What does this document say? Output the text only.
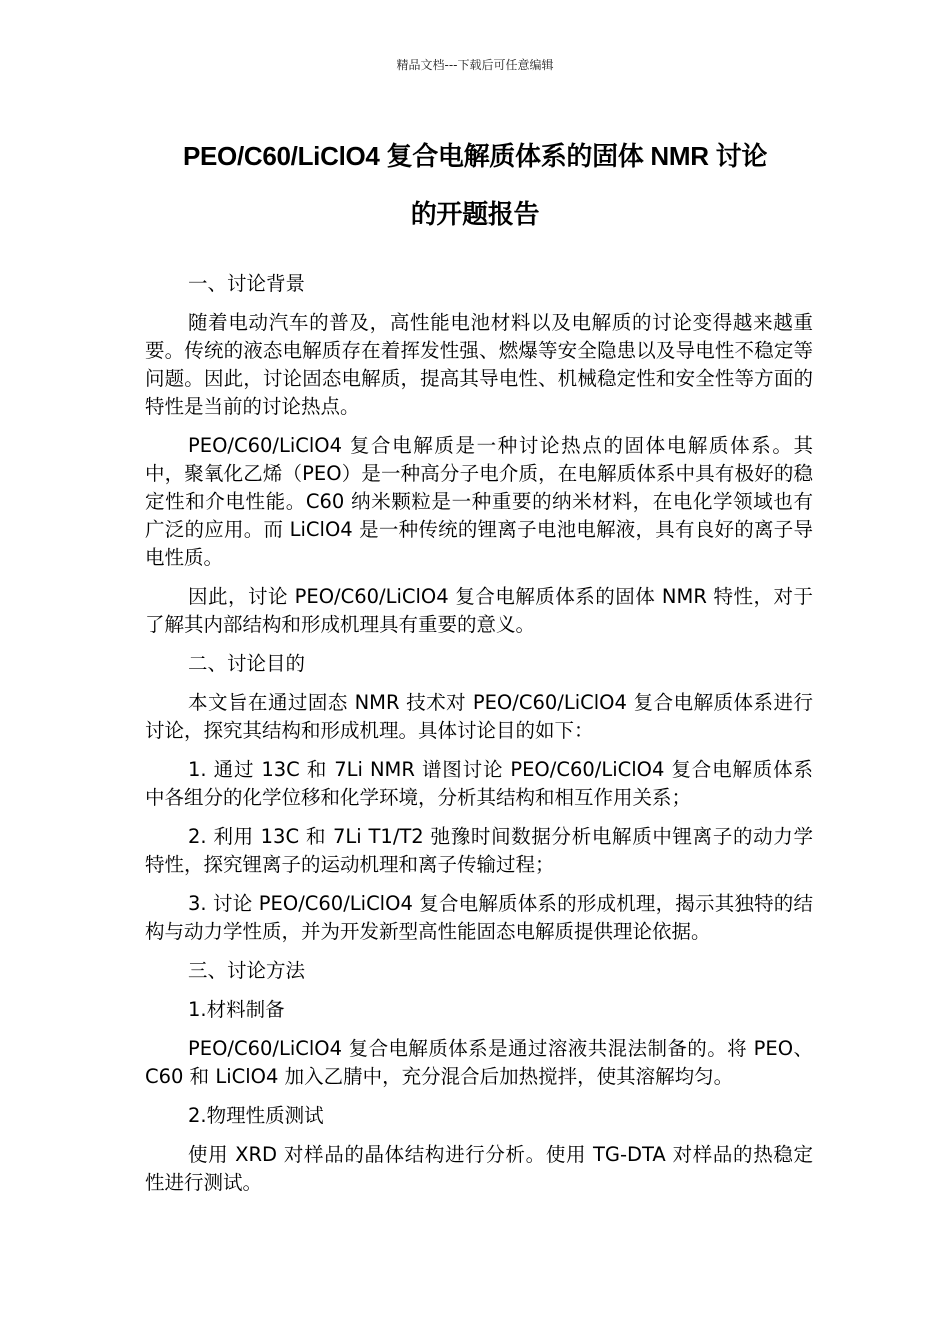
精品文档---下载后可任意编辑
PEO/C60/LiClO4 复合电解质体系的固体 NMR 讨论
的开题报告

一、讨论背景

随着电动汽车的普及，高性能电池材料以及电解质的讨论变得越来越重要。传统的液态电解质存在着挥发性强、燃爆等安全隐患以及导电性不稳定等问题。因此，讨论固态电解质，提高其导电性、机械稳定性和安全性等方面的特性是当前的讨论热点。

PEO/C60/LiClO4 复合电解质是一种讨论热点的固体电解质体系。其中，聚氧化乙烯（PEO）是一种高分子电介质，在电解质体系中具有极好的稳定性和介电性能。C60 纳米颗粒是一种重要的纳米材料，在电化学领域也有广泛的应用。而 LiClO4 是一种传统的锂离子电池电解液，具有良好的离子导电性质。

因此，讨论 PEO/C60/LiClO4 复合电解质体系的固体 NMR 特性，对于了解其内部结构和形成机理具有重要的意义。

二、讨论目的

本文旨在通过固态 NMR 技术对 PEO/C60/LiClO4 复合电解质体系进行讨论，探究其结构和形成机理。具体讨论目的如下：

1. 通过 13C 和 7Li NMR 谱图讨论 PEO/C60/LiClO4 复合电解质体系中各组分的化学位移和化学环境，分析其结构和相互作用关系；

2. 利用 13C 和 7Li T1/T2 弛豫时间数据分析电解质中锂离子的动力学特性，探究锂离子的运动机理和离子传输过程；

3. 讨论 PEO/C60/LiClO4 复合电解质体系的形成机理，揭示其独特的结构与动力学性质，并为开发新型高性能固态电解质提供理论依据。

三、讨论方法

1.材料制备

PEO/C60/LiClO4 复合电解质体系是通过溶液共混法制备的。将 PEO、C60 和 LiClO4 加入乙腈中，充分混合后加热搅拌，使其溶解均匀。

2.物理性质测试

使用 XRD 对样品的晶体结构进行分析。使用 TG-DTA 对样品的热稳定性进行测试。
